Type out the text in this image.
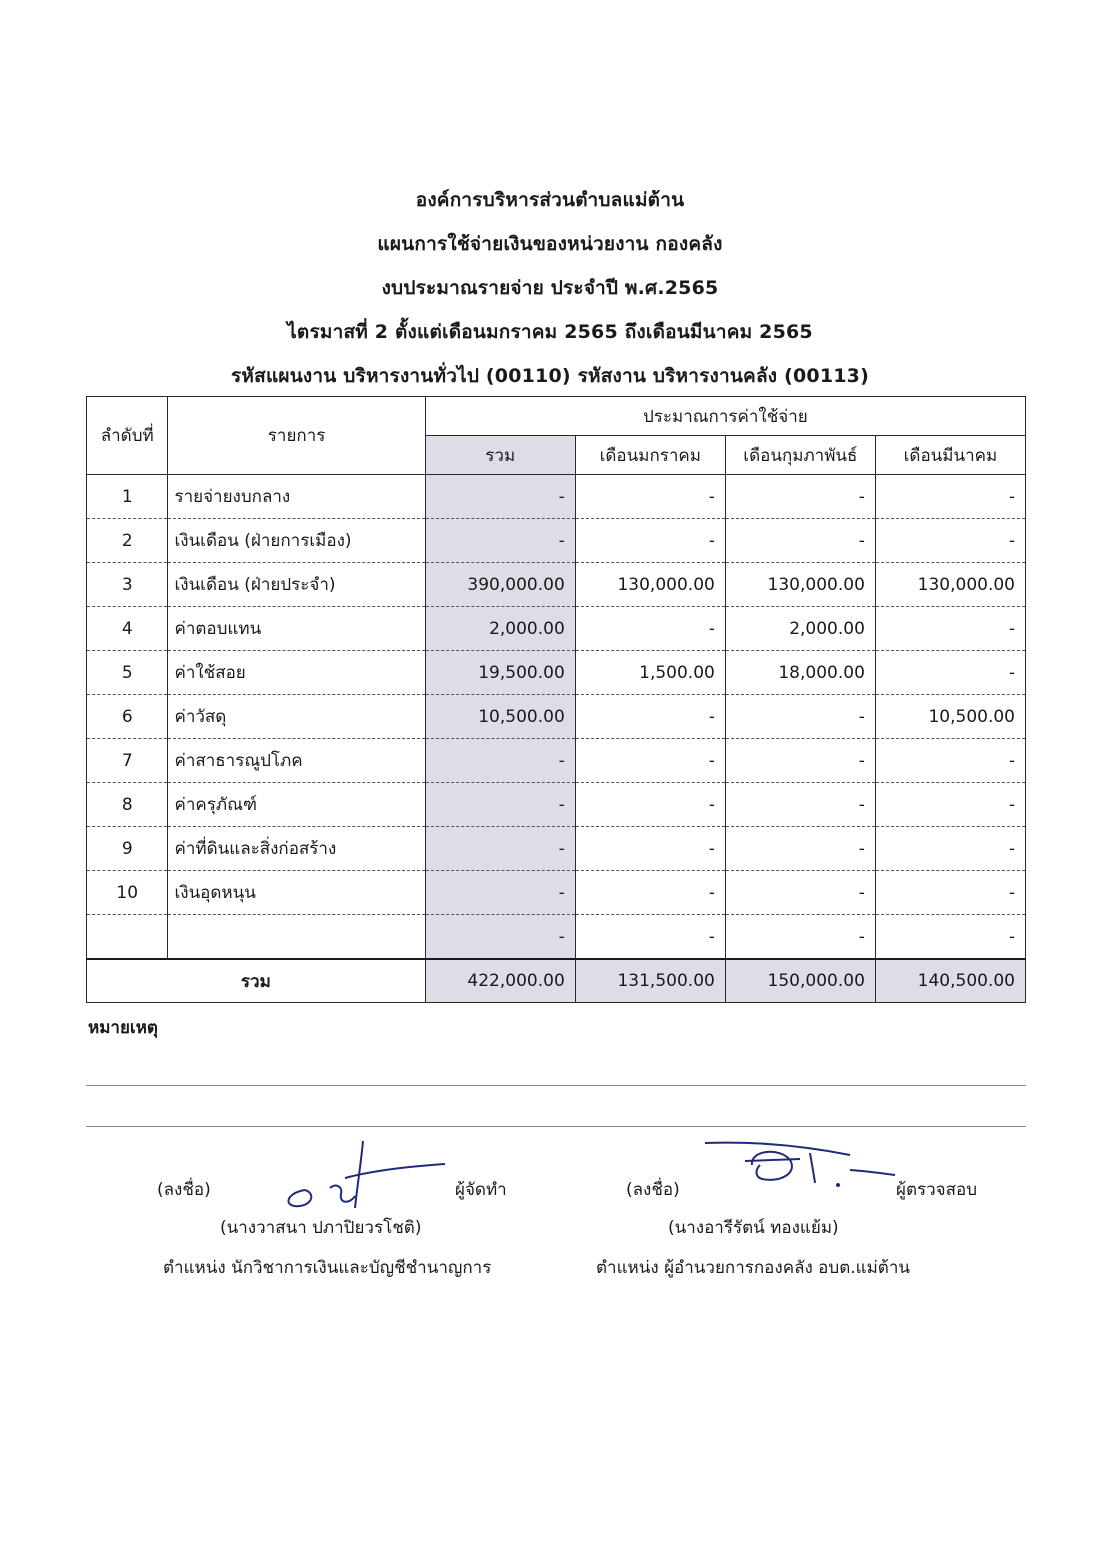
องค์การบริหารส่วนตำบลแม่ต้าน
แผนการใช้จ่ายเงินของหน่วยงาน กองคลัง
งบประมาณรายจ่าย ประจำปี พ.ศ.2565
ไตรมาสที่ 2 ตั้งแต่เดือนมกราคม 2565 ถึงเดือนมีนาคม 2565
รหัสแผนงาน บริหารงานทั่วไป (00110) รหัสงาน บริหารงานคลัง (00113)
ลำดับที่	รายการ	ประมาณการค่าใช้จ่าย			
		รวม	เดือนมกราคม	เดือนกุมภาพันธ์	เดือนมีนาคม
1	รายจ่ายงบกลาง	-	-	-	-
2	เงินเดือน (ฝ่ายการเมือง)	-	-	-	-
3	เงินเดือน (ฝ่ายประจำ)	390,000.00	130,000.00	130,000.00	130,000.00
4	ค่าตอบแทน	2,000.00	-	2,000.00	-
5	ค่าใช้สอย	19,500.00	1,500.00	18,000.00	-
6	ค่าวัสดุ	10,500.00	-	-	10,500.00
7	ค่าสาธารณูปโภค	-	-	-	-
8	ค่าครุภัณฑ์	-	-	-	-
9	ค่าที่ดินและสิ่งก่อสร้าง	-	-	-	-
10	เงินอุดหนุน	-	-	-	-
		-	-	-	-
รวม		422,000.00	131,500.00	150,000.00	140,500.00
หมายเหตุ
(ลงชื่อ)	ผู้จัดทำ
(นางวาสนา ปภาปิยวรโชติ)
ตำแหน่ง นักวิชาการเงินและบัญชีชำนาญการ
(ลงชื่อ)	ผู้ตรวจสอบ
(นางอารีรัตน์ ทองแย้ม)
ตำแหน่ง ผู้อำนวยการกองคลัง อบต.แม่ต้าน
